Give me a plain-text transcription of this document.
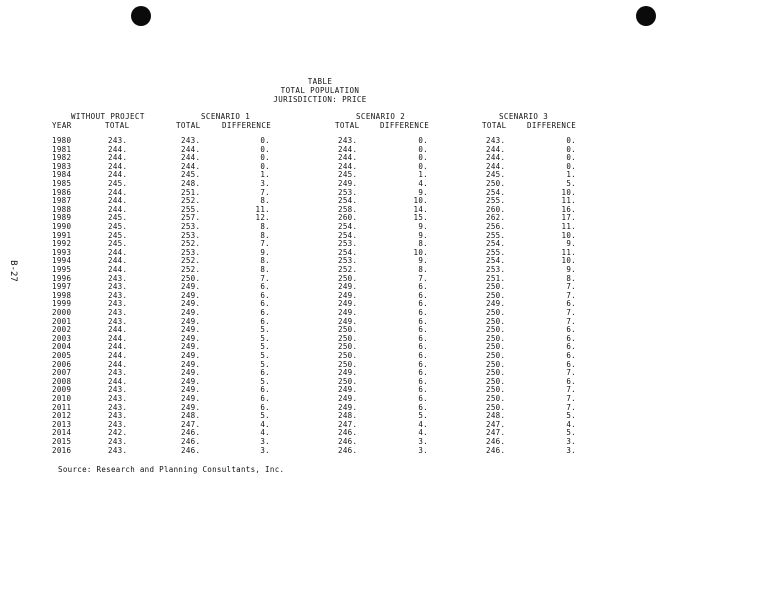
B-27
TABLE
TOTAL POPULATION
JURISDICTION: PRICE
WITHOUT PROJECT	SCENARIO 1	SCENARIO 2	SCENARIO 3
YEAR	TOTAL	TOTAL	DIFFERENCE	TOTAL	DIFFERENCE	TOTAL	DIFFERENCE
1980	243.	243.	0.	243.	0.	243.	0.
1981	244.	244.	0.	244.	0.	244.	0.
1982	244.	244.	0.	244.	0.	244.	0.
1983	244.	244.	0.	244.	0.	244.	0.
1984	244.	245.	1.	245.	1.	245.	1.
1985	245.	248.	3.	249.	4.	250.	5.
1986	244.	251.	7.	253.	9.	254.	10.
1987	244.	252.	8.	254.	10.	255.	11.
1988	244.	255.	11.	258.	14.	260.	16.
1989	245.	257.	12.	260.	15.	262.	17.
1990	245.	253.	8.	254.	9.	256.	11.
1991	245.	253.	8.	254.	9.	255.	10.
1992	245.	252.	7.	253.	8.	254.	9.
1993	244.	253.	9.	254.	10.	255.	11.
1994	244.	252.	8.	253.	9.	254.	10.
1995	244.	252.	8.	252.	8.	253.	9.
1996	243.	250.	7.	250.	7.	251.	8.
1997	243.	249.	6.	249.	6.	250.	7.
1998	243.	249.	6.	249.	6.	250.	7.
1999	243.	249.	6.	249.	6.	249.	6.
2000	243.	249.	6.	249.	6.	250.	7.
2001	243.	249.	6.	249.	6.	250.	7.
2002	244.	249.	5.	250.	6.	250.	6.
2003	244.	249.	5.	250.	6.	250.	6.
2004	244.	249.	5.	250.	6.	250.	6.
2005	244.	249.	5.	250.	6.	250.	6.
2006	244.	249.	5.	250.	6.	250.	6.
2007	243.	249.	6.	249.	6.	250.	7.
2008	244.	249.	5.	250.	6.	250.	6.
2009	243.	249.	6.	249.	6.	250.	7.
2010	243.	249.	6.	249.	6.	250.	7.
2011	243.	249.	6.	249.	6.	250.	7.
2012	243.	248.	5.	248.	5.	248.	5.
2013	243.	247.	4.	247.	4.	247.	4.
2014	242.	246.	4.	246.	4.	247.	5.
2015	243.	246.	3.	246.	3.	246.	3.
2016	243.	246.	3.	246.	3.	246.	3.
Source: Research and Planning Consultants, Inc.
